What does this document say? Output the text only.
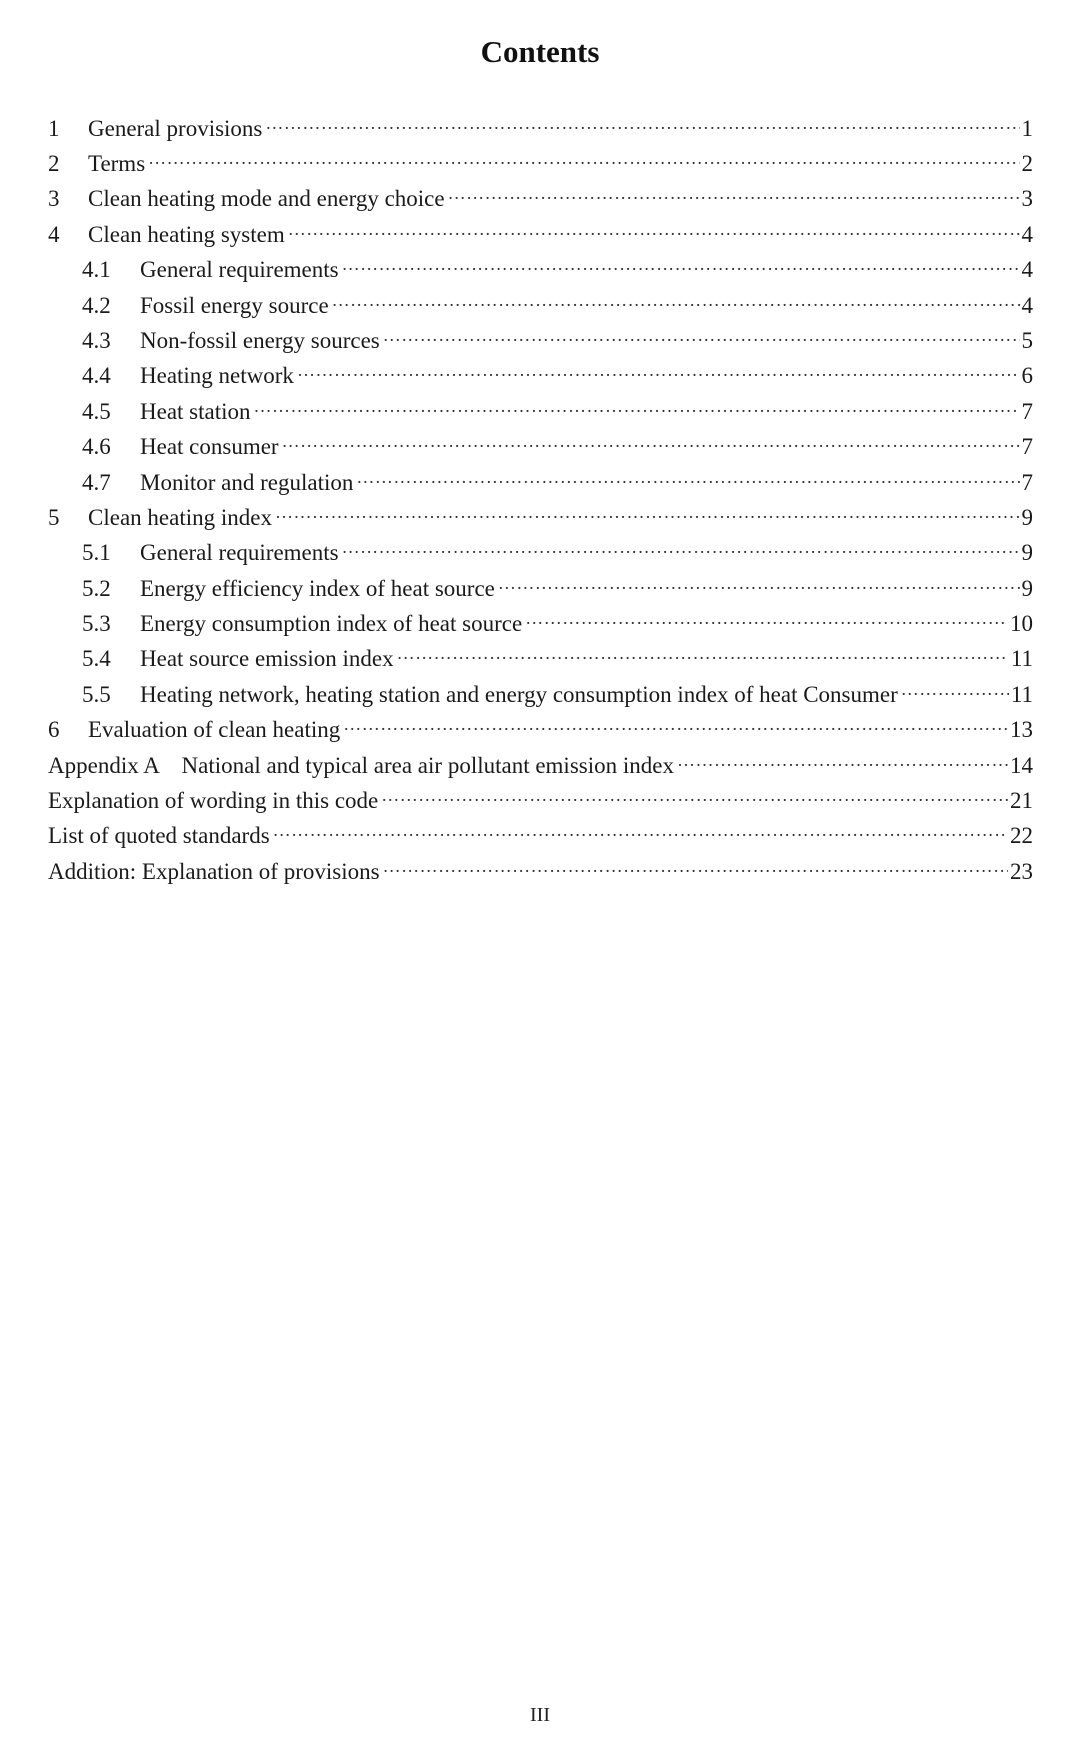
Contents
1	General provisions ……………………………………………………………………………………………………………………………………………………………………………………………………………………………………	1
2	Terms ……………………………………………………………………………………………………………………………………………………………………………………………………………………………………	2
3	Clean heating mode and energy choice ……………………………………………………………………………………………………………………………………………………………………………………………………………………………………	3
4	Clean heating system ……………………………………………………………………………………………………………………………………………………………………………………………………………………………………	4
4.1	General requirements ……………………………………………………………………………………………………………………………………………………………………………………………………………………………………	4
4.2	Fossil energy source ……………………………………………………………………………………………………………………………………………………………………………………………………………………………………	4
4.3	Non-fossil energy sources ……………………………………………………………………………………………………………………………………………………………………………………………………………………………………	5
4.4	Heating network ……………………………………………………………………………………………………………………………………………………………………………………………………………………………………	6
4.5	Heat station ……………………………………………………………………………………………………………………………………………………………………………………………………………………………………	7
4.6	Heat consumer ……………………………………………………………………………………………………………………………………………………………………………………………………………………………………	7
4.7	Monitor and regulation ……………………………………………………………………………………………………………………………………………………………………………………………………………………………………	7
5	Clean heating index ……………………………………………………………………………………………………………………………………………………………………………………………………………………………………	9
5.1	General requirements ……………………………………………………………………………………………………………………………………………………………………………………………………………………………………	9
5.2	Energy efficiency index of heat source ……………………………………………………………………………………………………………………………………………………………………………………………………………………………………	9
5.3	Energy consumption index of heat source ……………………………………………………………………………………………………………………………………………………………………………………………………………………………………	10
5.4	Heat source emission index ……………………………………………………………………………………………………………………………………………………………………………………………………………………………………	11
5.5	Heating network, heating station and energy consumption index of heat Consumer ……………………………………………………………………………………………………………………………………………………………………………………………………………………………………	11
6	Evaluation of clean heating ……………………………………………………………………………………………………………………………………………………………………………………………………………………………………	13
Appendix A    National and typical area air pollutant emission index ……………………………………………………………………………………………………………………………………………………………………………………………………………………………………	14
Explanation of wording in this code ……………………………………………………………………………………………………………………………………………………………………………………………………………………………………	21
List of quoted standards ……………………………………………………………………………………………………………………………………………………………………………………………………………………………………	22
Addition: Explanation of provisions ……………………………………………………………………………………………………………………………………………………………………………………………………………………………………	23
III
